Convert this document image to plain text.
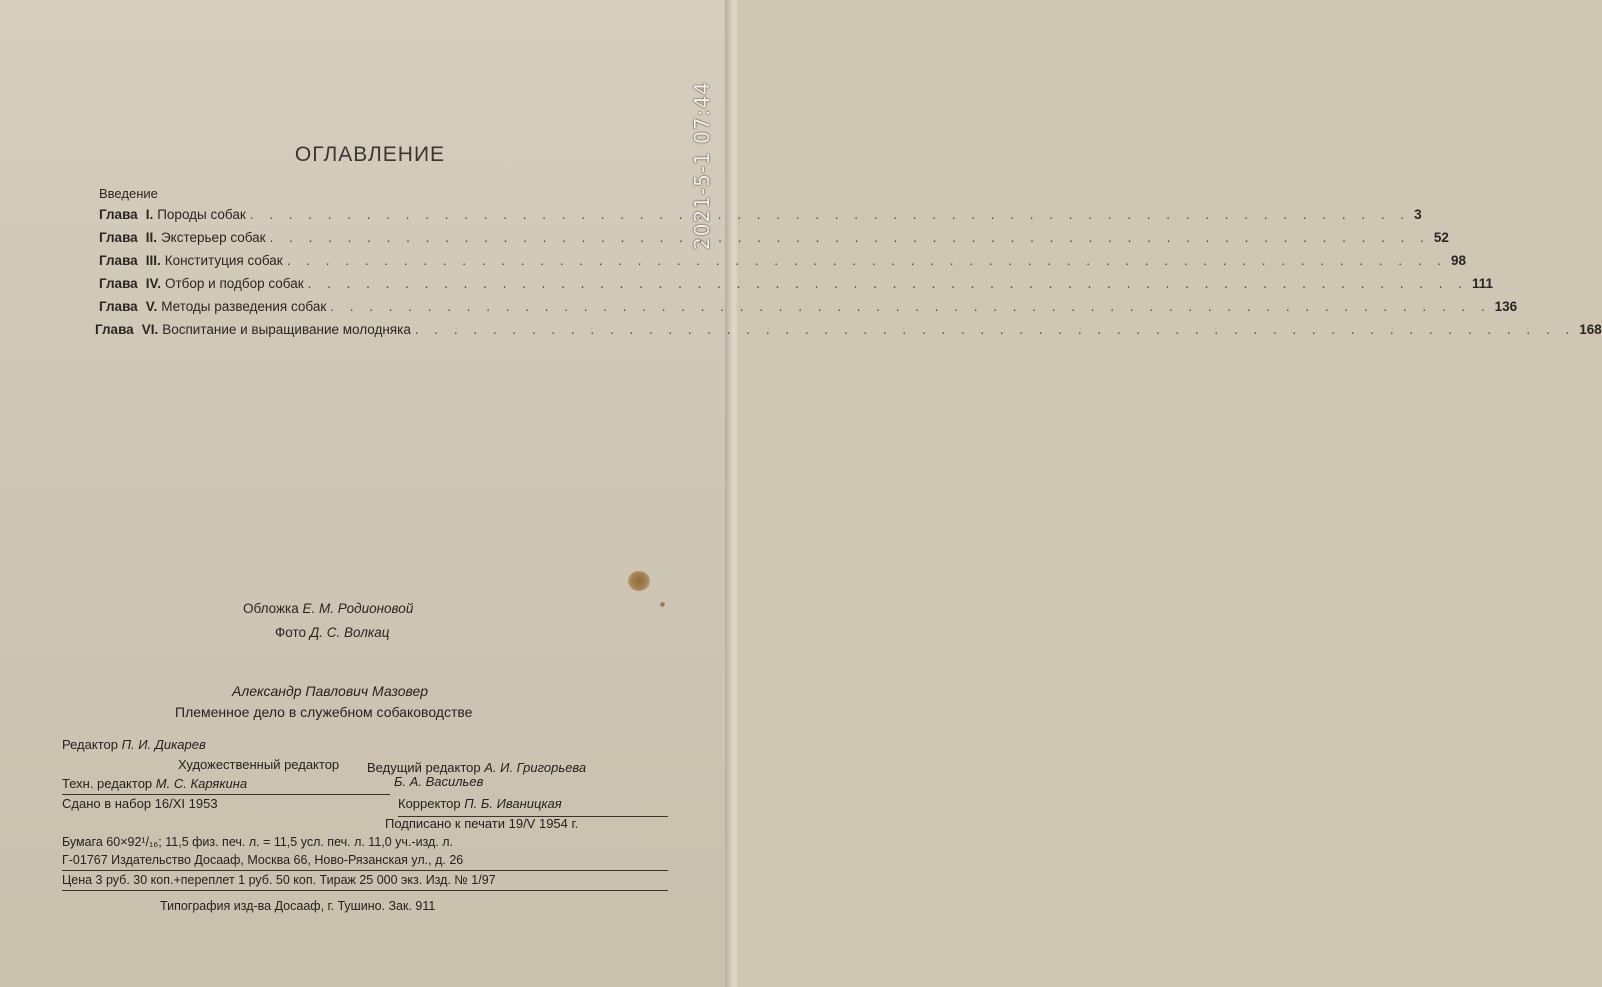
2021-5-1 07:44
ОГЛАВЛЕНИЕ
Введение
Глава I. Породы собак . . . . . . . . . . . . . . . . . . . . . . . . . . . . . . . . . . . . . . . . . . . . . . . . . . . . . . . . . . . . 3
Глава II. Экстерьер собак . . . . . . . . . . . . . . . . . . . . . . . . . . . . . . . . . . . . . . . . . . . . . . . . . . . . . . . . . . . . 52
Глава III. Конституция собак . . . . . . . . . . . . . . . . . . . . . . . . . . . . . . . . . . . . . . . . . . . . . . . . . . . . . . . . . . . . 98
Глава IV. Отбор и подбор собак . . . . . . . . . . . . . . . . . . . . . . . . . . . . . . . . . . . . . . . . . . . . . . . . . . . . . . . . . . . . 111
Глава V. Методы разведения собак . . . . . . . . . . . . . . . . . . . . . . . . . . . . . . . . . . . . . . . . . . . . . . . . . . . . . . . . . . . . 136
Глава VI. Воспитание и выращивание молодняка . . . . . . . . . . . . . . . . . . . . . . . . . . . . . . . . . . . . . . . . . . . . . . . . . . . . . . . . . . . . 168
Обложка Е. М. Родионовой
Фото Д. С. Волкац
Александр Павлович Мазовер
Племенное дело в служебном собаководстве
Редактор П. И. Дикарев
Ведущий редактор А. И. Григорьева
Художественный редактор
Б. А. Васильев
Техн. редактор М. С. Карякина
Корректор П. Б. Иваницкая
Сдано в набор 16/XI 1953
Подписано к печати 19/V 1954 г.
Бумага 60×92¹/₁₆; 11,5 физ. печ. л. = 11,5 усл. печ. л. 11,0 уч.-изд. л.
Г-01767 Издательство Досааф, Москва 66, Ново-Рязанская ул., д. 26
Цена 3 руб. 30 коп.+переплет 1 руб. 50 коп. Тираж 25 000 экз. Изд. № 1/97
Типография изд-ва Досааф, г. Тушино. Зак. 911
